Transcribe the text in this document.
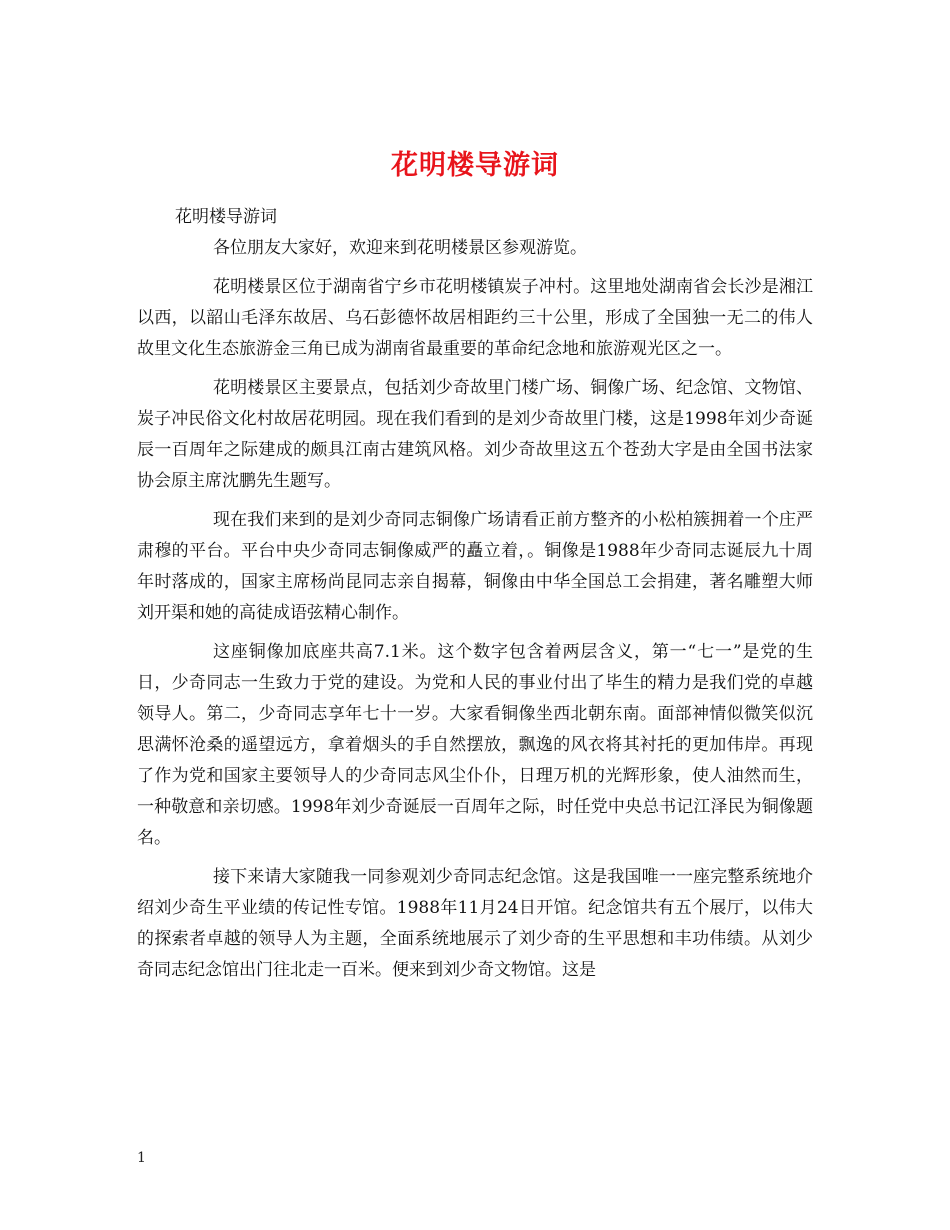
花明楼导游词

花明楼导游词

各位朋友大家好，欢迎来到花明楼景区参观游览。

花明楼景区位于湖南省宁乡市花明楼镇炭子冲村。这里地处湖南省会长沙是湘江以西，以韶山毛泽东故居、乌石彭德怀故居相距约三十公里，形成了全国独一无二的伟人故里文化生态旅游金三角已成为湖南省最重要的革命纪念地和旅游观光区之一。

花明楼景区主要景点，包括刘少奇故里门楼广场、铜像广场、纪念馆、文物馆、炭子冲民俗文化村故居花明园。现在我们看到的是刘少奇故里门楼，这是1998年刘少奇诞辰一百周年之际建成的颇具江南古建筑风格。刘少奇故里这五个苍劲大字是由全国书法家协会原主席沈鹏先生题写。

现在我们来到的是刘少奇同志铜像广场请看正前方整齐的小松柏簇拥着一个庄严肃穆的平台。平台中央少奇同志铜像威严的矗立着，。铜像是1988年少奇同志诞辰九十周年时落成的，国家主席杨尚昆同志亲自揭幕，铜像由中华全国总工会捐建，著名雕塑大师刘开渠和她的高徒成语弦精心制作。

这座铜像加底座共高7.1米。这个数字包含着两层含义，第一“七一”是党的生日，少奇同志一生致力于党的建设。为党和人民的事业付出了毕生的精力是我们党的卓越领导人。第二，少奇同志享年七十一岁。大家看铜像坐西北朝东南。面部神情似微笑似沉思满怀沧桑的遥望远方，拿着烟头的手自然摆放，飘逸的风衣将其衬托的更加伟岸。再现了作为党和国家主要领导人的少奇同志风尘仆仆，日理万机的光辉形象，使人油然而生，一种敬意和亲切感。1998年刘少奇诞辰一百周年之际，时任党中央总书记江泽民为铜像题名。

接下来请大家随我一同参观刘少奇同志纪念馆。这是我国唯一一座完整系统地介绍刘少奇生平业绩的传记性专馆。1988年11月24日开馆。纪念馆共有五个展厅，以伟大的探索者卓越的领导人为主题，全面系统地展示了刘少奇的生平思想和丰功伟绩。从刘少奇同志纪念馆出门往北走一百米。便来到刘少奇文物馆。这是

1
